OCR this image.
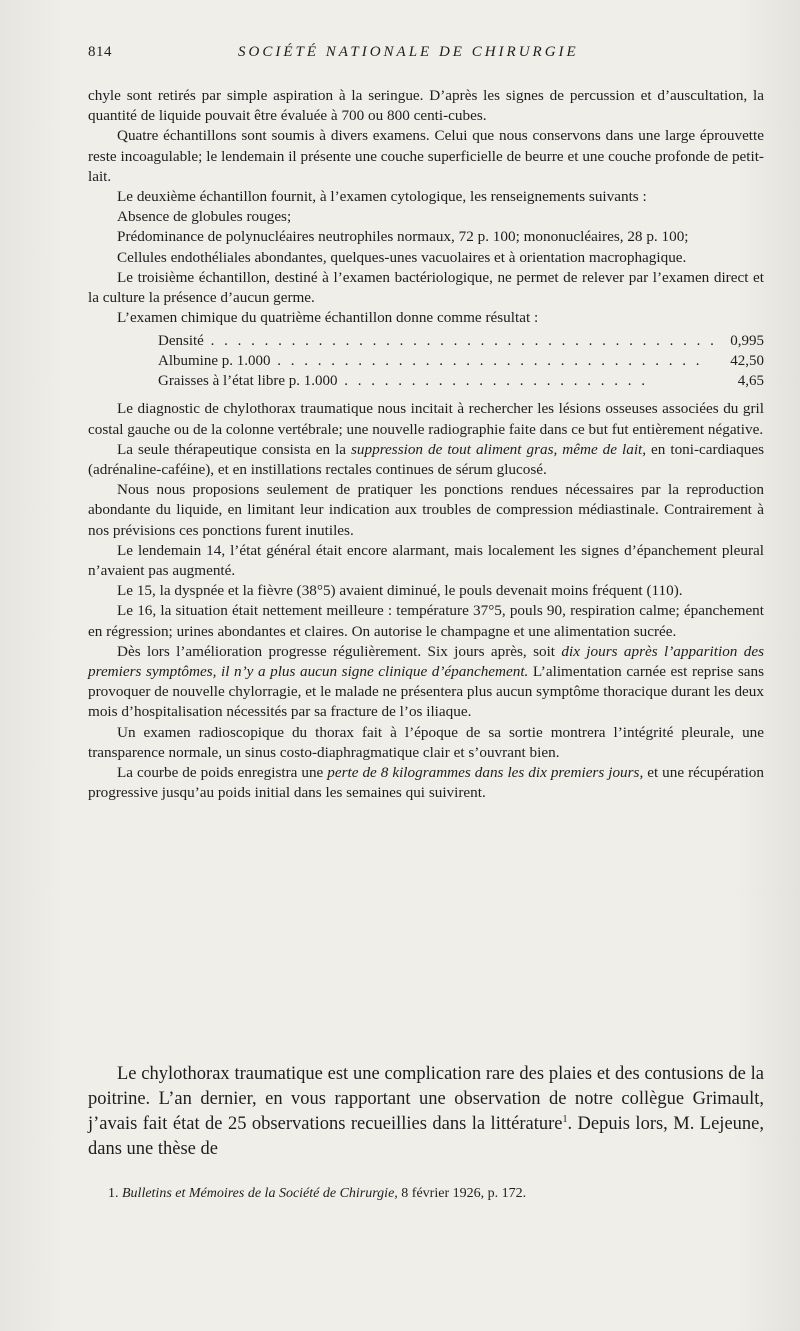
814	SOCIÉTÉ NATIONALE DE CHIRURGIE

chyle sont retirés par simple aspiration à la seringue. D’après les signes de percussion et d’auscultation, la quantité de liquide pouvait être évaluée à 700 ou 800 centi-cubes.

Quatre échantillons sont soumis à divers examens. Celui que nous conservons dans une large éprouvette reste incoagulable; le lendemain il présente une couche superficielle de beurre et une couche profonde de petit-lait.

Le deuxième échantillon fournit, à l’examen cytologique, les renseignements suivants :

Absence de globules rouges;

Prédominance de polynucléaires neutrophiles normaux, 72 p. 100; mononucléaires, 28 p. 100;

Cellules endothéliales abondantes, quelques-unes vacuolaires et à orientation macrophagique.

Le troisième échantillon, destiné à l’examen bactériologique, ne permet de relever par l’examen direct et la culture la présence d’aucun germe.

L’examen chimique du quatrième échantillon donne comme résultat :

Densité . . . . . . . . . . . . . . . . . . . . . . . . . . . . . . . . . . . . . .	0,995
Albumine p. 1.000 . . . . . . . . . . . . . . . . . . . . . . . . . . . . . . . .	42,50
Graisses à l’état libre p. 1.000 . . . . . . . . . . . . . . . . . . . . . . .	4,65

Le diagnostic de chylothorax traumatique nous incitait à rechercher les lésions osseuses associées du gril costal gauche ou de la colonne vertébrale; une nouvelle radiographie faite dans ce but fut entièrement négative.

La seule thérapeutique consista en la suppression de tout aliment gras, même de lait, en toni-cardiaques (adrénaline-caféine), et en instillations rectales continues de sérum glucosé.

Nous nous proposions seulement de pratiquer les ponctions rendues nécessaires par la reproduction abondante du liquide, en limitant leur indication aux troubles de compression médiastinale. Contrairement à nos prévisions ces ponctions furent inutiles.

Le lendemain 14, l’état général était encore alarmant, mais localement les signes d’épanchement pleural n’avaient pas augmenté.

Le 15, la dyspnée et la fièvre (38°5) avaient diminué, le pouls devenait moins fréquent (110).

Le 16, la situation était nettement meilleure : température 37°5, pouls 90, respiration calme; épanchement en régression; urines abondantes et claires. On autorise le champagne et une alimentation sucrée.

Dès lors l’amélioration progresse régulièrement. Six jours après, soit dix jours après l’apparition des premiers symptômes, il n’y a plus aucun signe clinique d’épanchement. L’alimentation carnée est reprise sans provoquer de nouvelle chylorragie, et le malade ne présentera plus aucun symptôme thoracique durant les deux mois d’hospitalisation nécessités par sa fracture de l’os iliaque.

Un examen radioscopique du thorax fait à l’époque de sa sortie montrera l’intégrité pleurale, une transparence normale, un sinus costo-diaphragmatique clair et s’ouvrant bien.

La courbe de poids enregistra une perte de 8 kilogrammes dans les dix premiers jours, et une récupération progressive jusqu’au poids initial dans les semaines qui suivirent.

Le chylothorax traumatique est une complication rare des plaies et des contusions de la poitrine. L’an dernier, en vous rapportant une observation de notre collègue Grimault, j’avais fait état de 25 observations recueillies dans la littérature$^1$. Depuis lors, M. Lejeune, dans une thèse de

1. Bulletins et Mémoires de la Société de Chirurgie, 8 février 1926, p. 172.
